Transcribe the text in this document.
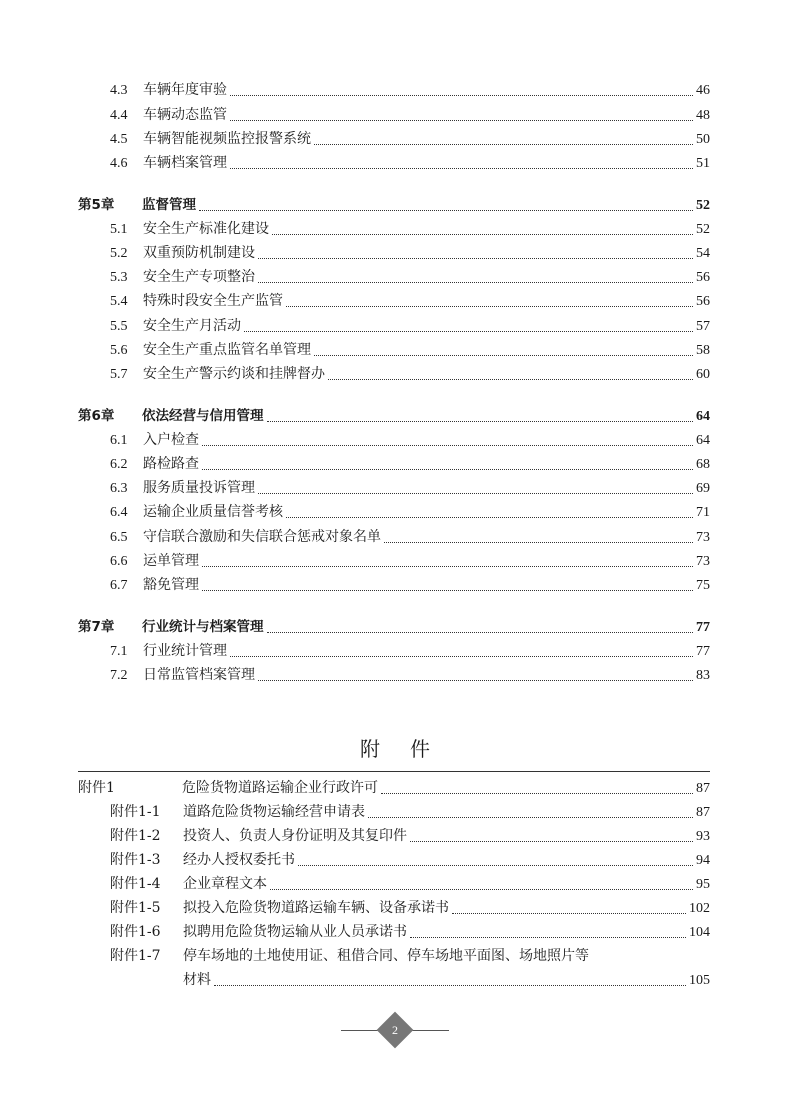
4.3	车辆年度审验	46
4.4	车辆动态监管	48
4.5	车辆智能视频监控报警系统	50
4.6	车辆档案管理	51
第5章	监督管理	52
5.1	安全生产标准化建设	52
5.2	双重预防机制建设	54
5.3	安全生产专项整治	56
5.4	特殊时段安全生产监管	56
5.5	安全生产月活动	57
5.6	安全生产重点监管名单管理	58
5.7	安全生产警示约谈和挂牌督办	60
第6章	依法经营与信用管理	64
6.1	入户检查	64
6.2	路检路查	68
6.3	服务质量投诉管理	69
6.4	运输企业质量信誉考核	71
6.5	守信联合激励和失信联合惩戒对象名单	73
6.6	运单管理	73
6.7	豁免管理	75
第7章	行业统计与档案管理	77
7.1	行业统计管理	77
7.2	日常监管档案管理	83
附件
附件1	危险货物道路运输企业行政许可	87
附件1-1	道路危险货物运输经营申请表	87
附件1-2	投资人、负责人身份证明及其复印件	93
附件1-3	经办人授权委托书	94
附件1-4	企业章程文本	95
附件1-5	拟投入危险货物道路运输车辆、设备承诺书	102
附件1-6	拟聘用危险货物运输从业人员承诺书	104
附件1-7	停车场地的土地使用证、租借合同、停车场地平面图、场地照片等
材料	105
2
